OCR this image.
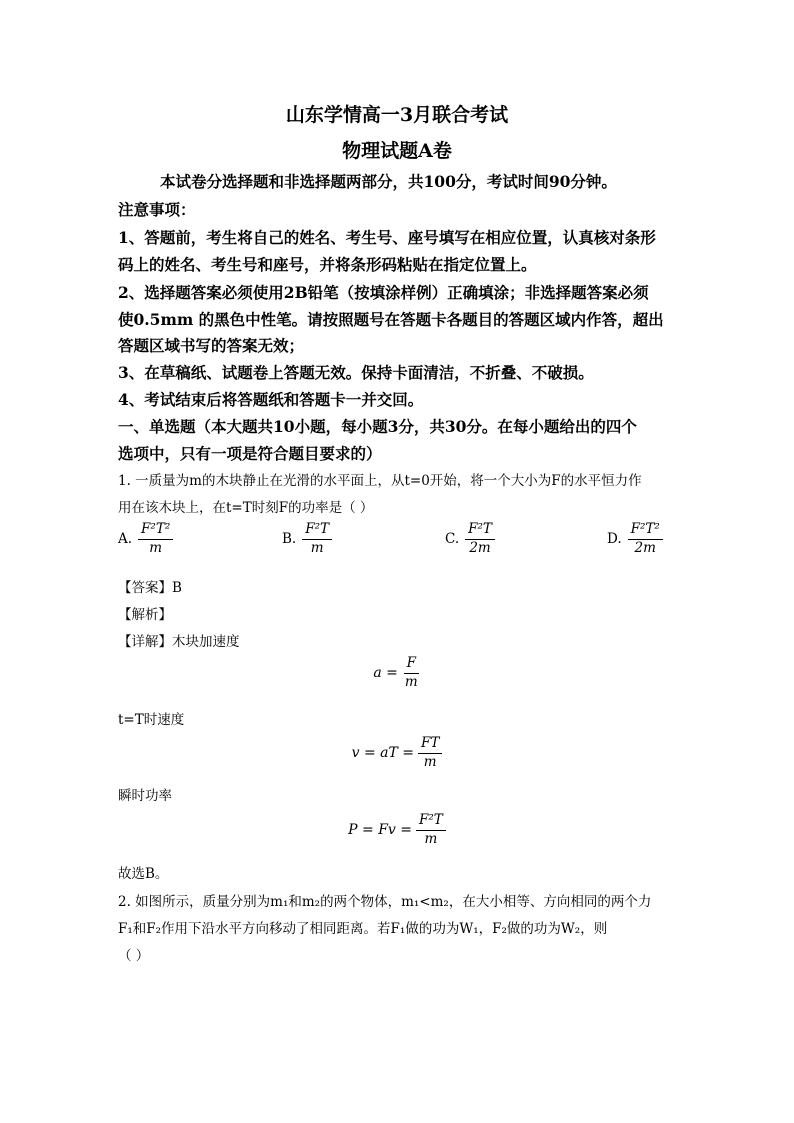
山东学情高一3月联合考试
物理试题A卷
本试卷分选择题和非选择题两部分，共100分，考试时间90分钟。
注意事项：
1、答题前，考生将自己的姓名、考生号、座号填写在相应位置，认真核对条形
码上的姓名、考生号和座号，并将条形码粘贴在指定位置上。
2、选择题答案必须使用2B铅笔（按填涂样例）正确填涂；非选择题答案必须
使0.5mm 的黑色中性笔。请按照题号在答题卡各题目的答题区域内作答，超出
答题区域书写的答案无效；
3、在草稿纸、试题卷上答题无效。保持卡面清洁，不折叠、不破损。
4、考试结束后将答题纸和答题卡一并交回。
一、单选题（本大题共10小题，每小题3分，共30分。在每小题给出的四个
选项中，只有一项是符合题目要求的）
1. 一质量为m的木块静止在光滑的水平面上，从t=0开始，将一个大小为F的水平恒力作
用在该木块上，在t=T时刻F的功率是（ ）
A. $\frac{\text{F²T²}}{m}$	B. $\frac{\text{F²T}}{m}$	C. $\frac{\text{F²T}}{2m}$	D. $\frac{\text{F²T²}}{2m}$
【答案】B
【解析】
【详解】木块加速度
$a = \frac{F}{m}$
t=T时速度
v = aT = $\frac{FT}{m}$
瞬时功率
$P = Fv = \frac{\text{F²T}}{m}$
故选B。
2. 如图所示，质量分别为m₁和m₂的两个物体，m₁<m₂，在大小相等、方向相同的两个力
F₁和F₂作用下沿水平方向移动了相同距离。若F₁做的功为W₁，F₂做的功为W₂，则
（ ）
